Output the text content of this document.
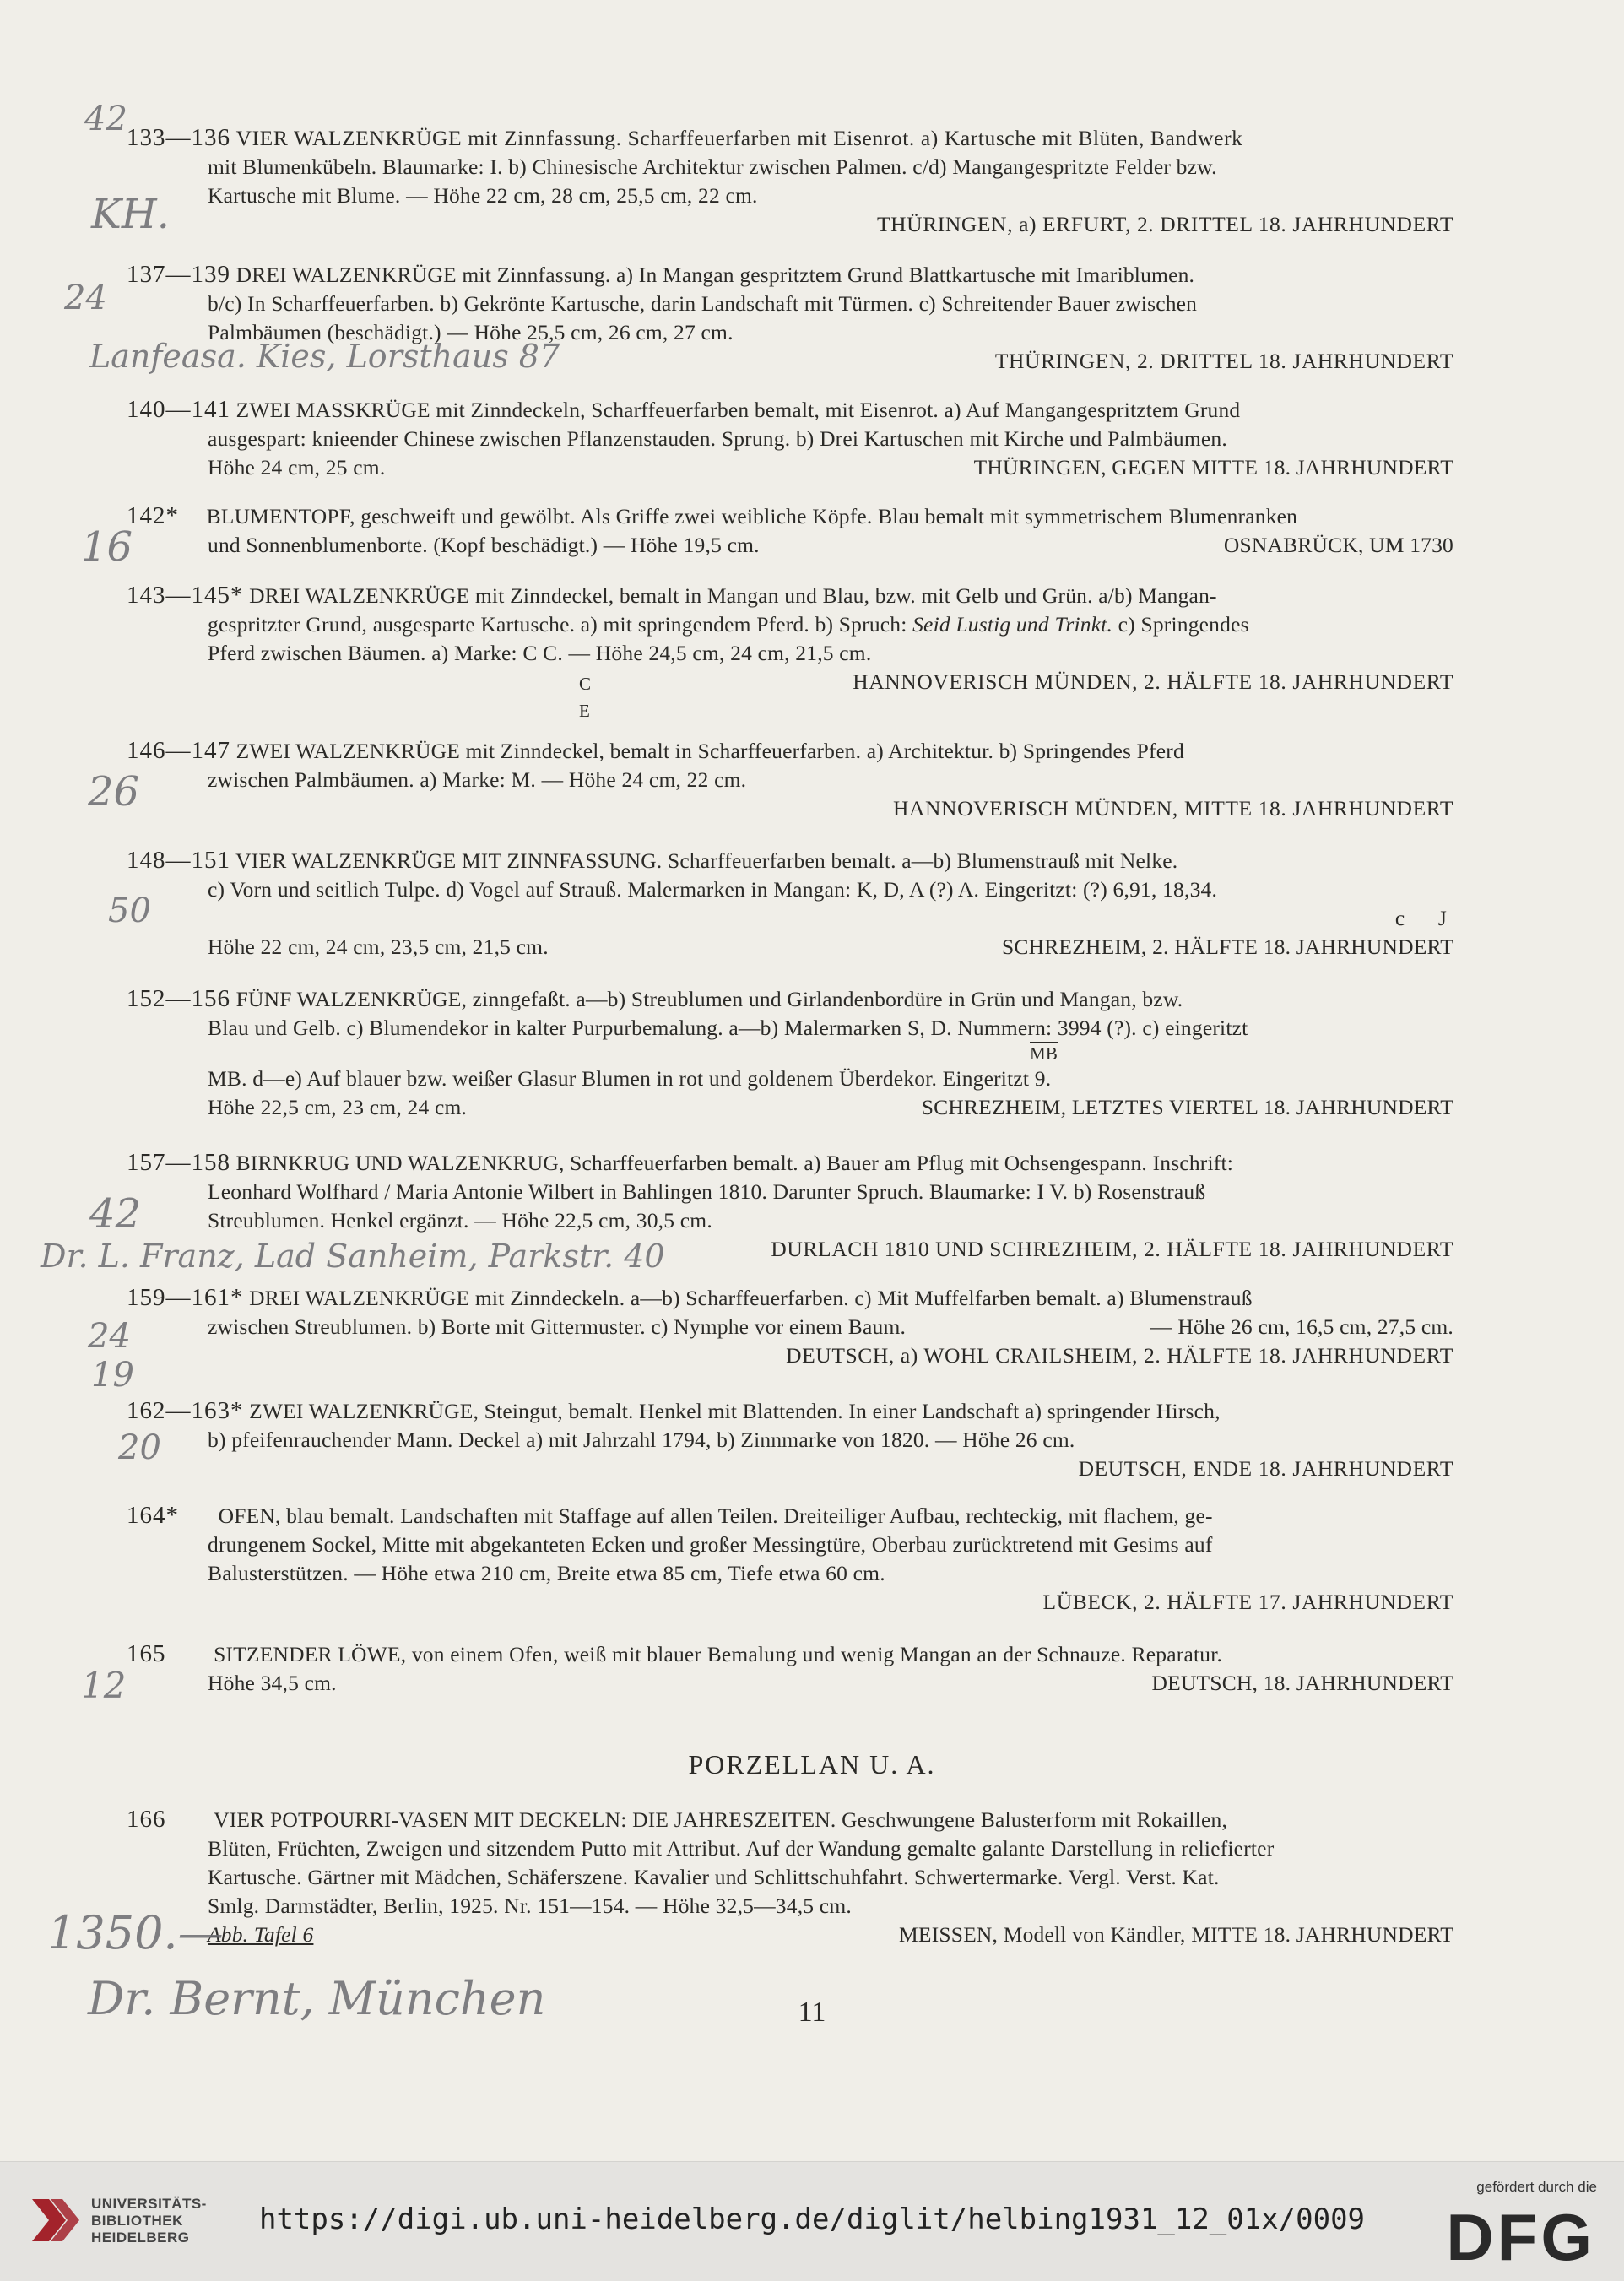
133—136 VIER WALZENKRÜGE mit Zinnfassung. Scharffeuerfarben mit Eisenrot. a) Kartusche mit Blüten, Bandwerk
mit Blumenkübeln. Blaumarke: I. b) Chinesische Architektur zwischen Palmen. c/d) Mangangespritzte Felder bzw.
Kartusche mit Blume. — Höhe 22 cm, 28 cm, 25,5 cm, 22 cm.
THÜRINGEN, a) ERFURT, 2. DRITTEL 18. JAHRHUNDERT
137—139 DREI WALZENKRÜGE mit Zinnfassung. a) In Mangan gespritztem Grund Blattkartusche mit Imariblumen.
b/c) In Scharffeuerfarben. b) Gekrönte Kartusche, darin Landschaft mit Türmen. c) Schreitender Bauer zwischen
Palmbäumen (beschädigt.) — Höhe 25,5 cm, 26 cm, 27 cm.
THÜRINGEN, 2. DRITTEL 18. JAHRHUNDERT
140—141 ZWEI MASSKRÜGE mit Zinndeckeln, Scharffeuerfarben bemalt, mit Eisenrot. a) Auf Mangangespritztem Grund
ausgespart: knieender Chinese zwischen Pflanzenstauden. Sprung. b) Drei Kartuschen mit Kirche und Palmbäumen.
Höhe 24 cm, 25 cm.	THÜRINGEN, GEGEN MITTE 18. JAHRHUNDERT
142* BLUMENTOPF, geschweift und gewölbt. Als Griffe zwei weibliche Köpfe. Blau bemalt mit symmetrischem Blumenranken
und Sonnenblumenborte. (Kopf beschädigt.) — Höhe 19,5 cm.	OSNABRÜCK, UM 1730
143—145* DREI WALZENKRÜGE mit Zinndeckel, bemalt in Mangan und Blau, bzw. mit Gelb und Grün. a/b) Mangan-
gespritzter Grund, ausgesparte Kartusche. a) mit springendem Pferd. b) Spruch: Seid Lustig und Trinkt. c) Springendes
Pferd zwischen Bäumen. a) Marke: C C. — Höhe 24,5 cm, 24 cm, 21,5 cm.
HANNOVERISCH MÜNDEN, 2. HÄLFTE 18. JAHRHUNDERT
C
E
146—147 ZWEI WALZENKRÜGE mit Zinndeckel, bemalt in Scharffeuerfarben. a) Architektur. b) Springendes Pferd
zwischen Palmbäumen. a) Marke: M. — Höhe 24 cm, 22 cm.
HANNOVERISCH MÜNDEN, MITTE 18. JAHRHUNDERT
148—151 VIER WALZENKRÜGE MIT ZINNFASSUNG. Scharffeuerfarben bemalt. a—b) Blumenstrauß mit Nelke.
c) Vorn und seitlich Tulpe. d) Vogel auf Strauß. Malermarken in Mangan: K, D, A (?) A. Eingeritzt: (?) 6,91, 18,34.
c      J
Höhe 22 cm, 24 cm, 23,5 cm, 21,5 cm.	SCHREZHEIM, 2. HÄLFTE 18. JAHRHUNDERT
152—156 FÜNF WALZENKRÜGE, zinngefaßt. a—b) Streublumen und Girlandenbordüre in Grün und Mangan, bzw.
Blau und Gelb. c) Blumendekor in kalter Purpurbemalung. a—b) Malermarken S, D. Nummern: 3994 (?). c) eingeritzt
$\overline{MB}$
MB. d—e) Auf blauer bzw. weißer Glasur Blumen in rot und goldenem Überdekor. Eingeritzt 9.
Höhe 22,5 cm, 23 cm, 24 cm.	SCHREZHEIM, LETZTES VIERTEL 18. JAHRHUNDERT
157—158 BIRNKRUG UND WALZENKRUG, Scharffeuerfarben bemalt. a) Bauer am Pflug mit Ochsengespann. Inschrift:
Leonhard Wolfhard / Maria Antonie Wilbert in Bahlingen 1810. Darunter Spruch. Blaumarke: I V. b) Rosenstrauß
Streublumen. Henkel ergänzt. — Höhe 22,5 cm, 30,5 cm.
DURLACH 1810 UND SCHREZHEIM, 2. HÄLFTE 18. JAHRHUNDERT
159—161* DREI WALZENKRÜGE mit Zinndeckeln. a—b) Scharffeuerfarben. c) Mit Muffelfarben bemalt. a) Blumenstrauß
zwischen Streublumen. b) Borte mit Gittermuster. c) Nymphe vor einem Baum.	— Höhe 26 cm, 16,5 cm, 27,5 cm.
DEUTSCH, a) WOHL CRAILSHEIM, 2. HÄLFTE 18. JAHRHUNDERT
162—163* ZWEI WALZENKRÜGE, Steingut, bemalt. Henkel mit Blattenden. In einer Landschaft a) springender Hirsch,
b) pfeifenrauchender Mann. Deckel a) mit Jahrzahl 1794, b) Zinnmarke von 1820. — Höhe 26 cm.
DEUTSCH, ENDE 18. JAHRHUNDERT
164* OFEN, blau bemalt. Landschaften mit Staffage auf allen Teilen. Dreiteiliger Aufbau, rechteckig, mit flachem, ge-
drungenem Sockel, Mitte mit abgekanteten Ecken und großer Messingtüre, Oberbau zurücktretend mit Gesims auf
Balusterstützen. — Höhe etwa 210 cm, Breite etwa 85 cm, Tiefe etwa 60 cm.
LÜBECK, 2. HÄLFTE 17. JAHRHUNDERT
165 SITZENDER LÖWE, von einem Ofen, weiß mit blauer Bemalung und wenig Mangan an der Schnauze. Reparatur.
Höhe 34,5 cm.	DEUTSCH, 18. JAHRHUNDERT
PORZELLAN U. A.
166 VIER POTPOURRI-VASEN MIT DECKELN: DIE JAHRESZEITEN. Geschwungene Balusterform mit Rokaillen,
Blüten, Früchten, Zweigen und sitzendem Putto mit Attribut. Auf der Wandung gemalte galante Darstellung in reliefierter
Kartusche. Gärtner mit Mädchen, Schäferszene. Kavalier und Schlittschuhfahrt. Schwertermarke. Vergl. Verst. Kat.
Smlg. Darmstädter, Berlin, 1925. Nr. 151—154. — Höhe 32,5—34,5 cm.
Abb. Tafel 6	MEISSEN, Modell von Kändler, MITTE 18. JAHRHUNDERT
11
42
KH.
24
Lanfeasa. Kies, Lorsthaus 87
16
26
50
42
Dr. L. Franz, Lad Sanheim, Parkstr. 40
24
19
20
12
1350.—
Dr. Bernt, München
UNIVERSITÄTS-
BIBLIOTHEK
HEIDELBERG
https://digi.ub.uni-heidelberg.de/diglit/helbing1931_12_01x/0009
gefördert durch die
DFG
